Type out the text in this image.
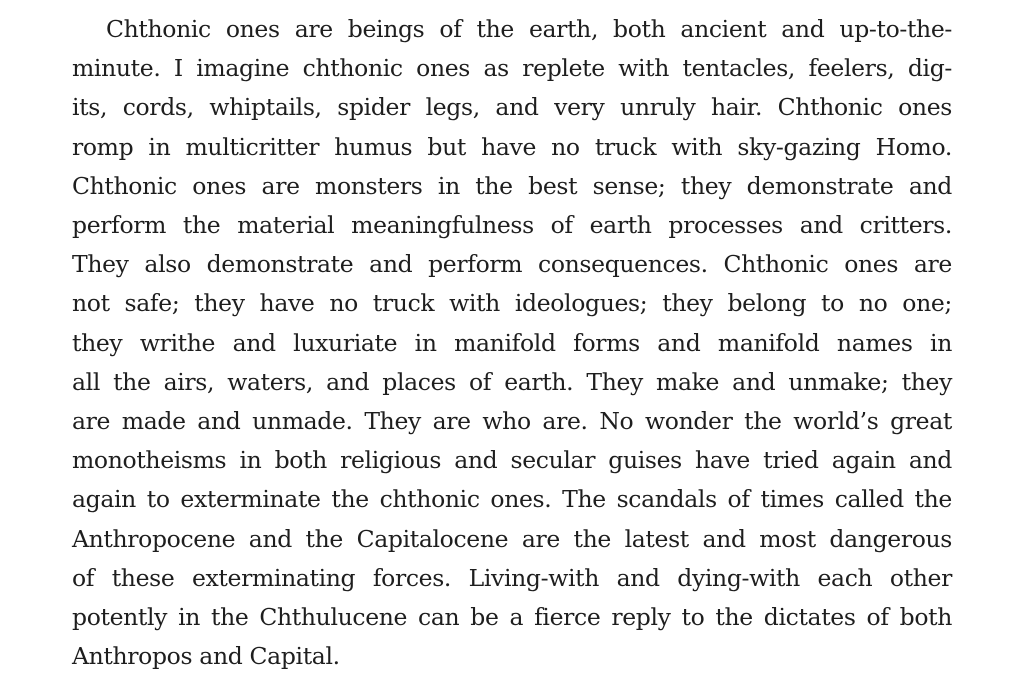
Chthonic ones are beings of the earth, both ancient and up-to-the-
minute. I imagine chthonic ones as replete with tentacles, feelers, dig-
its, cords, whiptails, spider legs, and very unruly hair. Chthonic ones
romp in multicritter humus but have no truck with sky-gazing Homo.
Chthonic ones are monsters in the best sense; they demonstrate and
perform the material meaningfulness of earth processes and critters.
They also demonstrate and perform consequences. Chthonic ones are
not safe; they have no truck with ideologues; they belong to no one;
they writhe and luxuriate in manifold forms and manifold names in
all the airs, waters, and places of earth. They make and unmake; they
are made and unmade. They are who are. No wonder the world’s great
monotheisms in both religious and secular guises have tried again and
again to exterminate the chthonic ones. The scandals of times called the
Anthropocene and the Capitalocene are the latest and most dangerous
of these exterminating forces. Living-with and dying-with each other
potently in the Chthulucene can be a fierce reply to the dictates of both
Anthropos and Capital.
